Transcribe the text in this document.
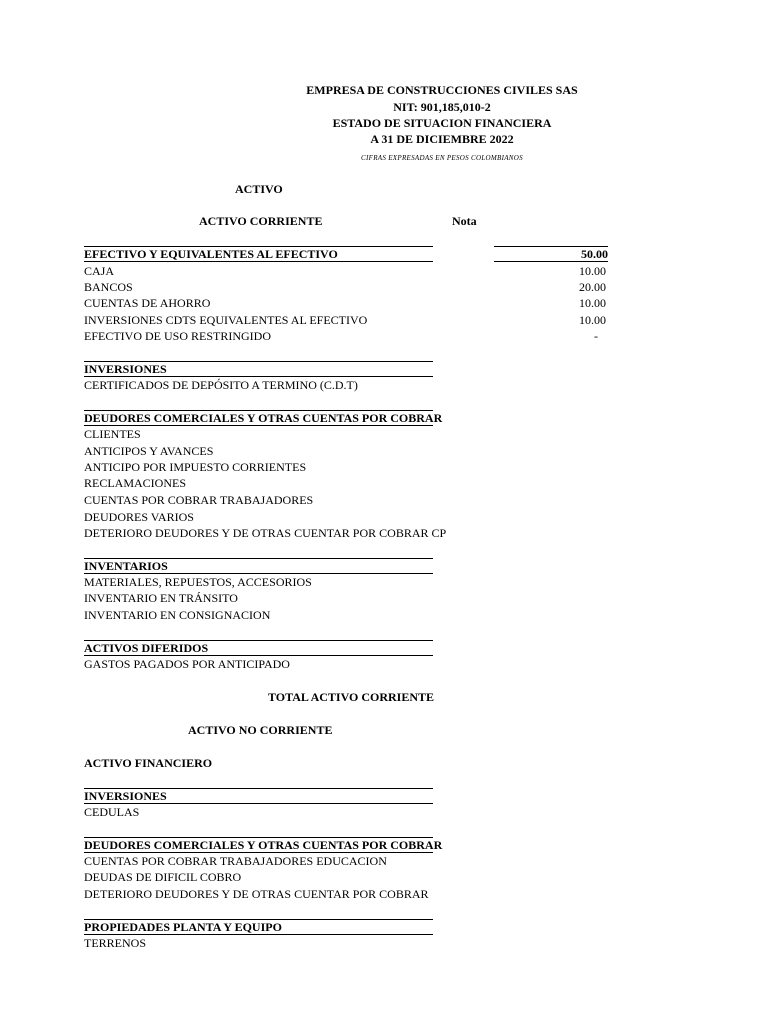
EMPRESA DE CONSTRUCCIONES CIVILES SAS
NIT: 901,185,010-2
ESTADO DE SITUACION FINANCIERA
A 31 DE DICIEMBRE 2022
CIFRAS EXPRESADAS EN PESOS COLOMBIANOS
ACTIVO
ACTIVO CORRIENTE	Nota
EFECTIVO Y EQUIVALENTES AL EFECTIVO	50.00
CAJA	10.00
BANCOS	20.00
CUENTAS DE AHORRO	10.00
INVERSIONES CDTS EQUIVALENTES AL EFECTIVO	10.00
EFECTIVO DE USO RESTRINGIDO	-
INVERSIONES
CERTIFICADOS DE DEPÓSITO A TERMINO (C.D.T)
DEUDORES COMERCIALES Y OTRAS CUENTAS POR COBRAR
CLIENTES
ANTICIPOS Y AVANCES
ANTICIPO POR IMPUESTO CORRIENTES
RECLAMACIONES
CUENTAS POR COBRAR TRABAJADORES
DEUDORES VARIOS
DETERIORO DEUDORES Y DE OTRAS CUENTAR POR COBRAR CP
INVENTARIOS
MATERIALES, REPUESTOS, ACCESORIOS
INVENTARIO EN TRÁNSITO
INVENTARIO EN CONSIGNACION
ACTIVOS DIFERIDOS
GASTOS PAGADOS POR ANTICIPADO
TOTAL ACTIVO CORRIENTE
ACTIVO NO CORRIENTE
ACTIVO FINANCIERO
INVERSIONES
CEDULAS
DEUDORES COMERCIALES Y OTRAS CUENTAS POR COBRAR
CUENTAS POR COBRAR TRABAJADORES EDUCACION
DEUDAS DE DIFICIL COBRO
DETERIORO DEUDORES Y DE OTRAS CUENTAR POR COBRAR
PROPIEDADES PLANTA Y EQUIPO
TERRENOS
